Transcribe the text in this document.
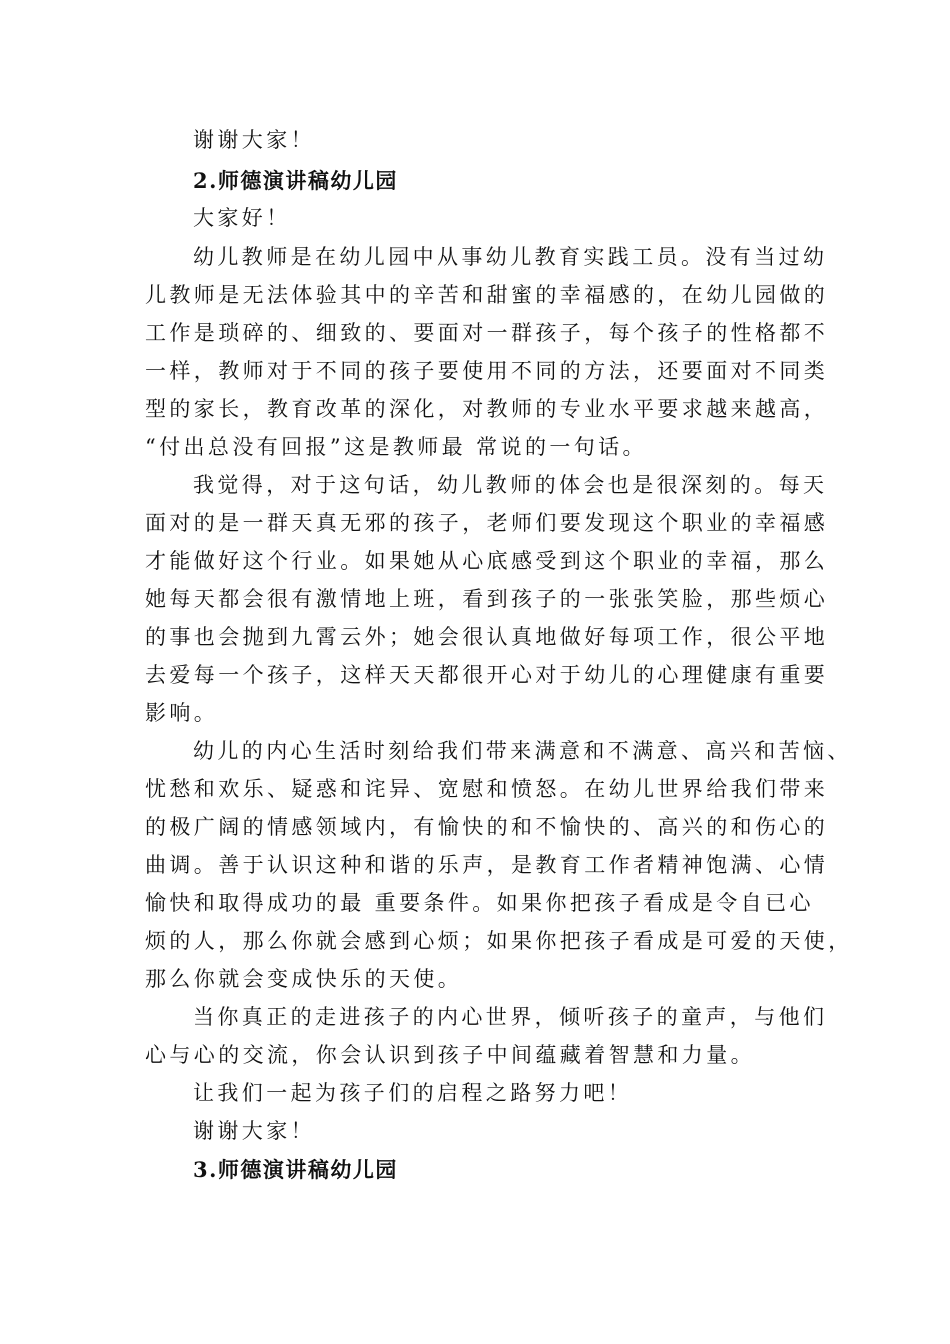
谢谢大家！
2.师德演讲稿幼儿园
大家好！
幼儿教师是在幼儿园中从事幼儿教育实践工员。没有当过幼
儿教师是无法体验其中的辛苦和甜蜜的幸福感的，在幼儿园做的
工作是琐碎的、细致的、要面对一群孩子，每个孩子的性格都不
一样，教师对于不同的孩子要使用不同的方法，还要面对不同类
型的家长，教育改革的深化，对教师的专业水平要求越来越高，
“付出总没有回报”这是教师最 常说的一句话。
我觉得，对于这句话，幼儿教师的体会也是很深刻的。每天
面对的是一群天真无邪的孩子，老师们要发现这个职业的幸福感
才能做好这个行业。如果她从心底感受到这个职业的幸福，那么
她每天都会很有激情地上班，看到孩子的一张张笑脸，那些烦心
的事也会抛到九霄云外；她会很认真地做好每项工作，很公平地
去爱每一个孩子，这样天天都很开心对于幼儿的心理健康有重要
影响。
幼儿的内心生活时刻给我们带来满意和不满意、高兴和苦恼、
忧愁和欢乐、疑惑和诧异、宽慰和愤怒。在幼儿世界给我们带来
的极广阔的情感领域内，有愉快的和不愉快的、高兴的和伤心的
曲调。善于认识这种和谐的乐声，是教育工作者精神饱满、心情
愉快和取得成功的最 重要条件。如果你把孩子看成是令自已心
烦的人，那么你就会感到心烦；如果你把孩子看成是可爱的天使，
那么你就会变成快乐的天使。
当你真正的走进孩子的内心世界，倾听孩子的童声，与他们
心与心的交流，你会认识到孩子中间蕴藏着智慧和力量。
让我们一起为孩子们的启程之路努力吧！
谢谢大家！
3.师德演讲稿幼儿园
